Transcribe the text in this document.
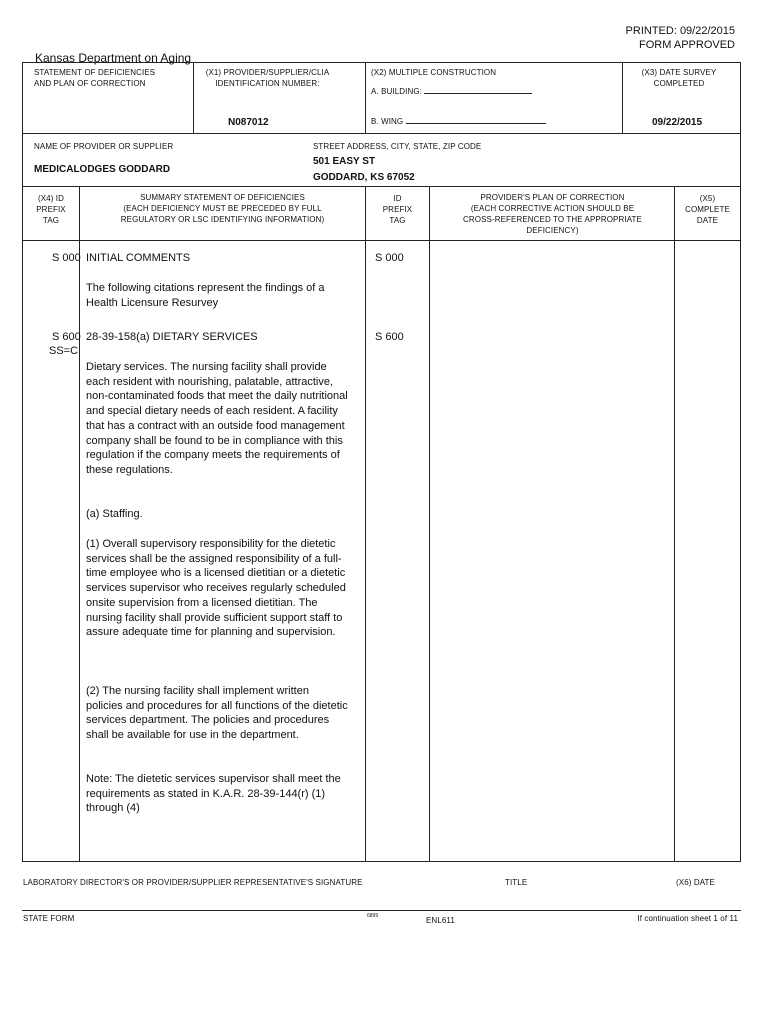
PRINTED: 09/22/2015
FORM APPROVED
Kansas Department on Aging
STATEMENT OF DEFICIENCIES
AND PLAN OF CORRECTION
(X1) PROVIDER/SUPPLIER/CLIA
IDENTIFICATION NUMBER:
N087012
(X2) MULTIPLE CONSTRUCTION
A. BUILDING:
B. WING
(X3) DATE SURVEY
COMPLETED
09/22/2015
NAME OF PROVIDER OR SUPPLIER
MEDICALODGES GODDARD
STREET ADDRESS, CITY, STATE, ZIP CODE
501 EASY ST
GODDARD, KS 67052
(X4) ID
PREFIX
TAG
SUMMARY STATEMENT OF DEFICIENCIES
(EACH DEFICIENCY MUST BE PRECEDED BY FULL
REGULATORY OR LSC IDENTIFYING INFORMATION)
ID
PREFIX
TAG
PROVIDER'S PLAN OF CORRECTION
(EACH CORRECTIVE ACTION SHOULD BE
CROSS-REFERENCED TO THE APPROPRIATE
DEFICIENCY)
(X5)
COMPLETE
DATE
S 000 INITIAL COMMENTS	S 000
The following citations represent the findings of a Health Licensure Resurvey
S 600
SS=C
28-39-158(a) DIETARY SERVICES	S 600
Dietary services. The nursing facility shall provide each resident with nourishing, palatable, attractive, non-contaminated foods that meet the daily nutritional and special dietary needs of each resident. A facility that has a contract with an outside food management company shall be found to be in compliance with this regulation if the company meets the requirements of these regulations.
(a) Staffing.
(1) Overall supervisory responsibility for the dietetic services shall be the assigned responsibility of a full-time employee who is a licensed dietitian or a dietetic services supervisor who receives regularly scheduled onsite supervision from a licensed dietitian. The nursing facility shall provide sufficient support staff to assure adequate time for planning and supervision.
(2) The nursing facility shall implement written policies and procedures for all functions of the dietetic services department. The policies and procedures shall be available for use in the department.
Note: The dietetic services supervisor shall meet the requirements as stated in K.A.R. 28-39-144(r) (1) through (4)
LABORATORY DIRECTOR'S OR PROVIDER/SUPPLIER REPRESENTATIVE'S SIGNATURE	TITLE	(X6) DATE
STATE FORM	6899	ENL611	If continuation sheet 1 of 11
